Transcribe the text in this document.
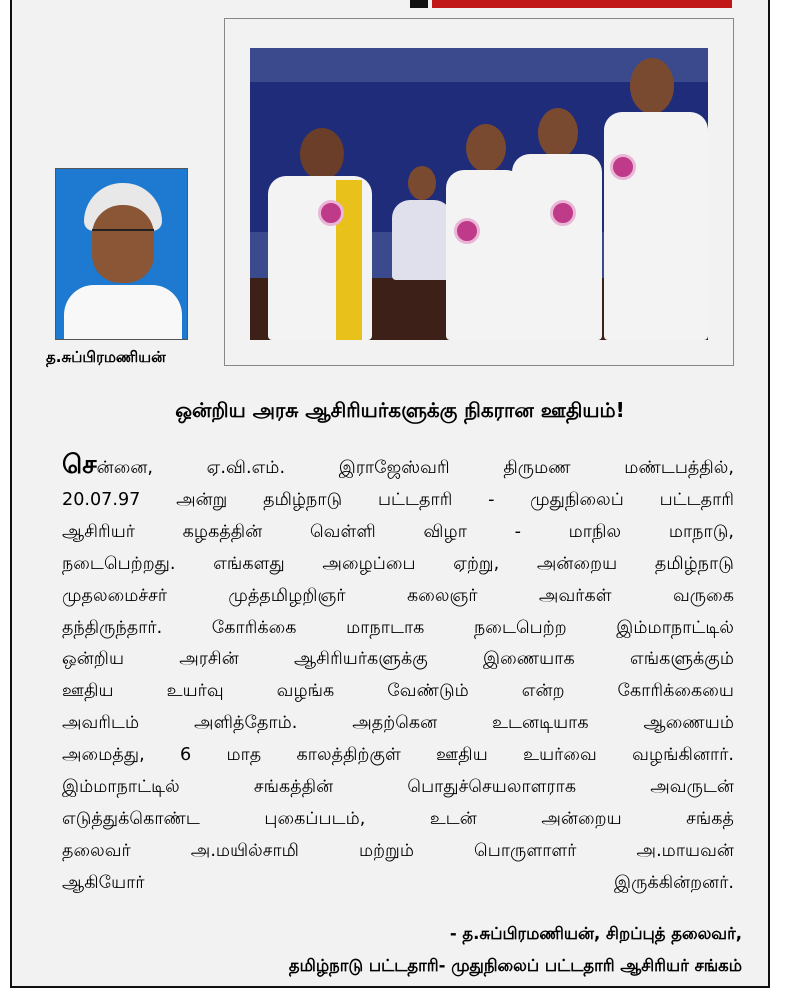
த.சுப்பிரமணியன்
ஒன்றிய அரசு ஆசிரியர்களுக்கு நிகரான ஊதியம்!
சென்னை, ஏ.வி.எம். இராஜேஸ்வரி திருமண மண்டபத்தில்,
20.07.97 அன்று தமிழ்நாடு பட்டதாரி - முதுநிலைப் பட்டதாரி
ஆசிரியர் கழகத்தின் வெள்ளி விழா - மாநில மாநாடு,
நடைபெற்றது. எங்களது அழைப்பை ஏற்று, அன்றைய தமிழ்நாடு
முதலமைச்சர் முத்தமிழறிஞர் கலைஞர் அவர்கள் வருகை
தந்திருந்தார். கோரிக்கை மாநாடாக நடைபெற்ற இம்மாநாட்டில்
ஒன்றிய அரசின் ஆசிரியர்களுக்கு இணையாக எங்களுக்கும்
ஊதிய உயர்வு வழங்க வேண்டும் என்ற கோரிக்கையை
அவரிடம் அளித்தோம். அதற்கென உடனடியாக ஆணையம்
அமைத்து, 6 மாத காலத்திற்குள் ஊதிய உயர்வை வழங்கினார்.
இம்மாநாட்டில் சங்கத்தின் பொதுச்செயலாளராக அவருடன்
எடுத்துக்கொண்ட புகைப்படம், உடன் அன்றைய சங்கத்
தலைவர் அ.மயில்சாமி மற்றும் பொருளாளர் அ.மாயவன்
ஆகியோர் இருக்கின்றனர்.
- த.சுப்பிரமணியன், சிறப்புத் தலைவர்,
தமிழ்நாடு பட்டதாரி- முதுநிலைப் பட்டதாரி ஆசிரியர் சங்கம்
